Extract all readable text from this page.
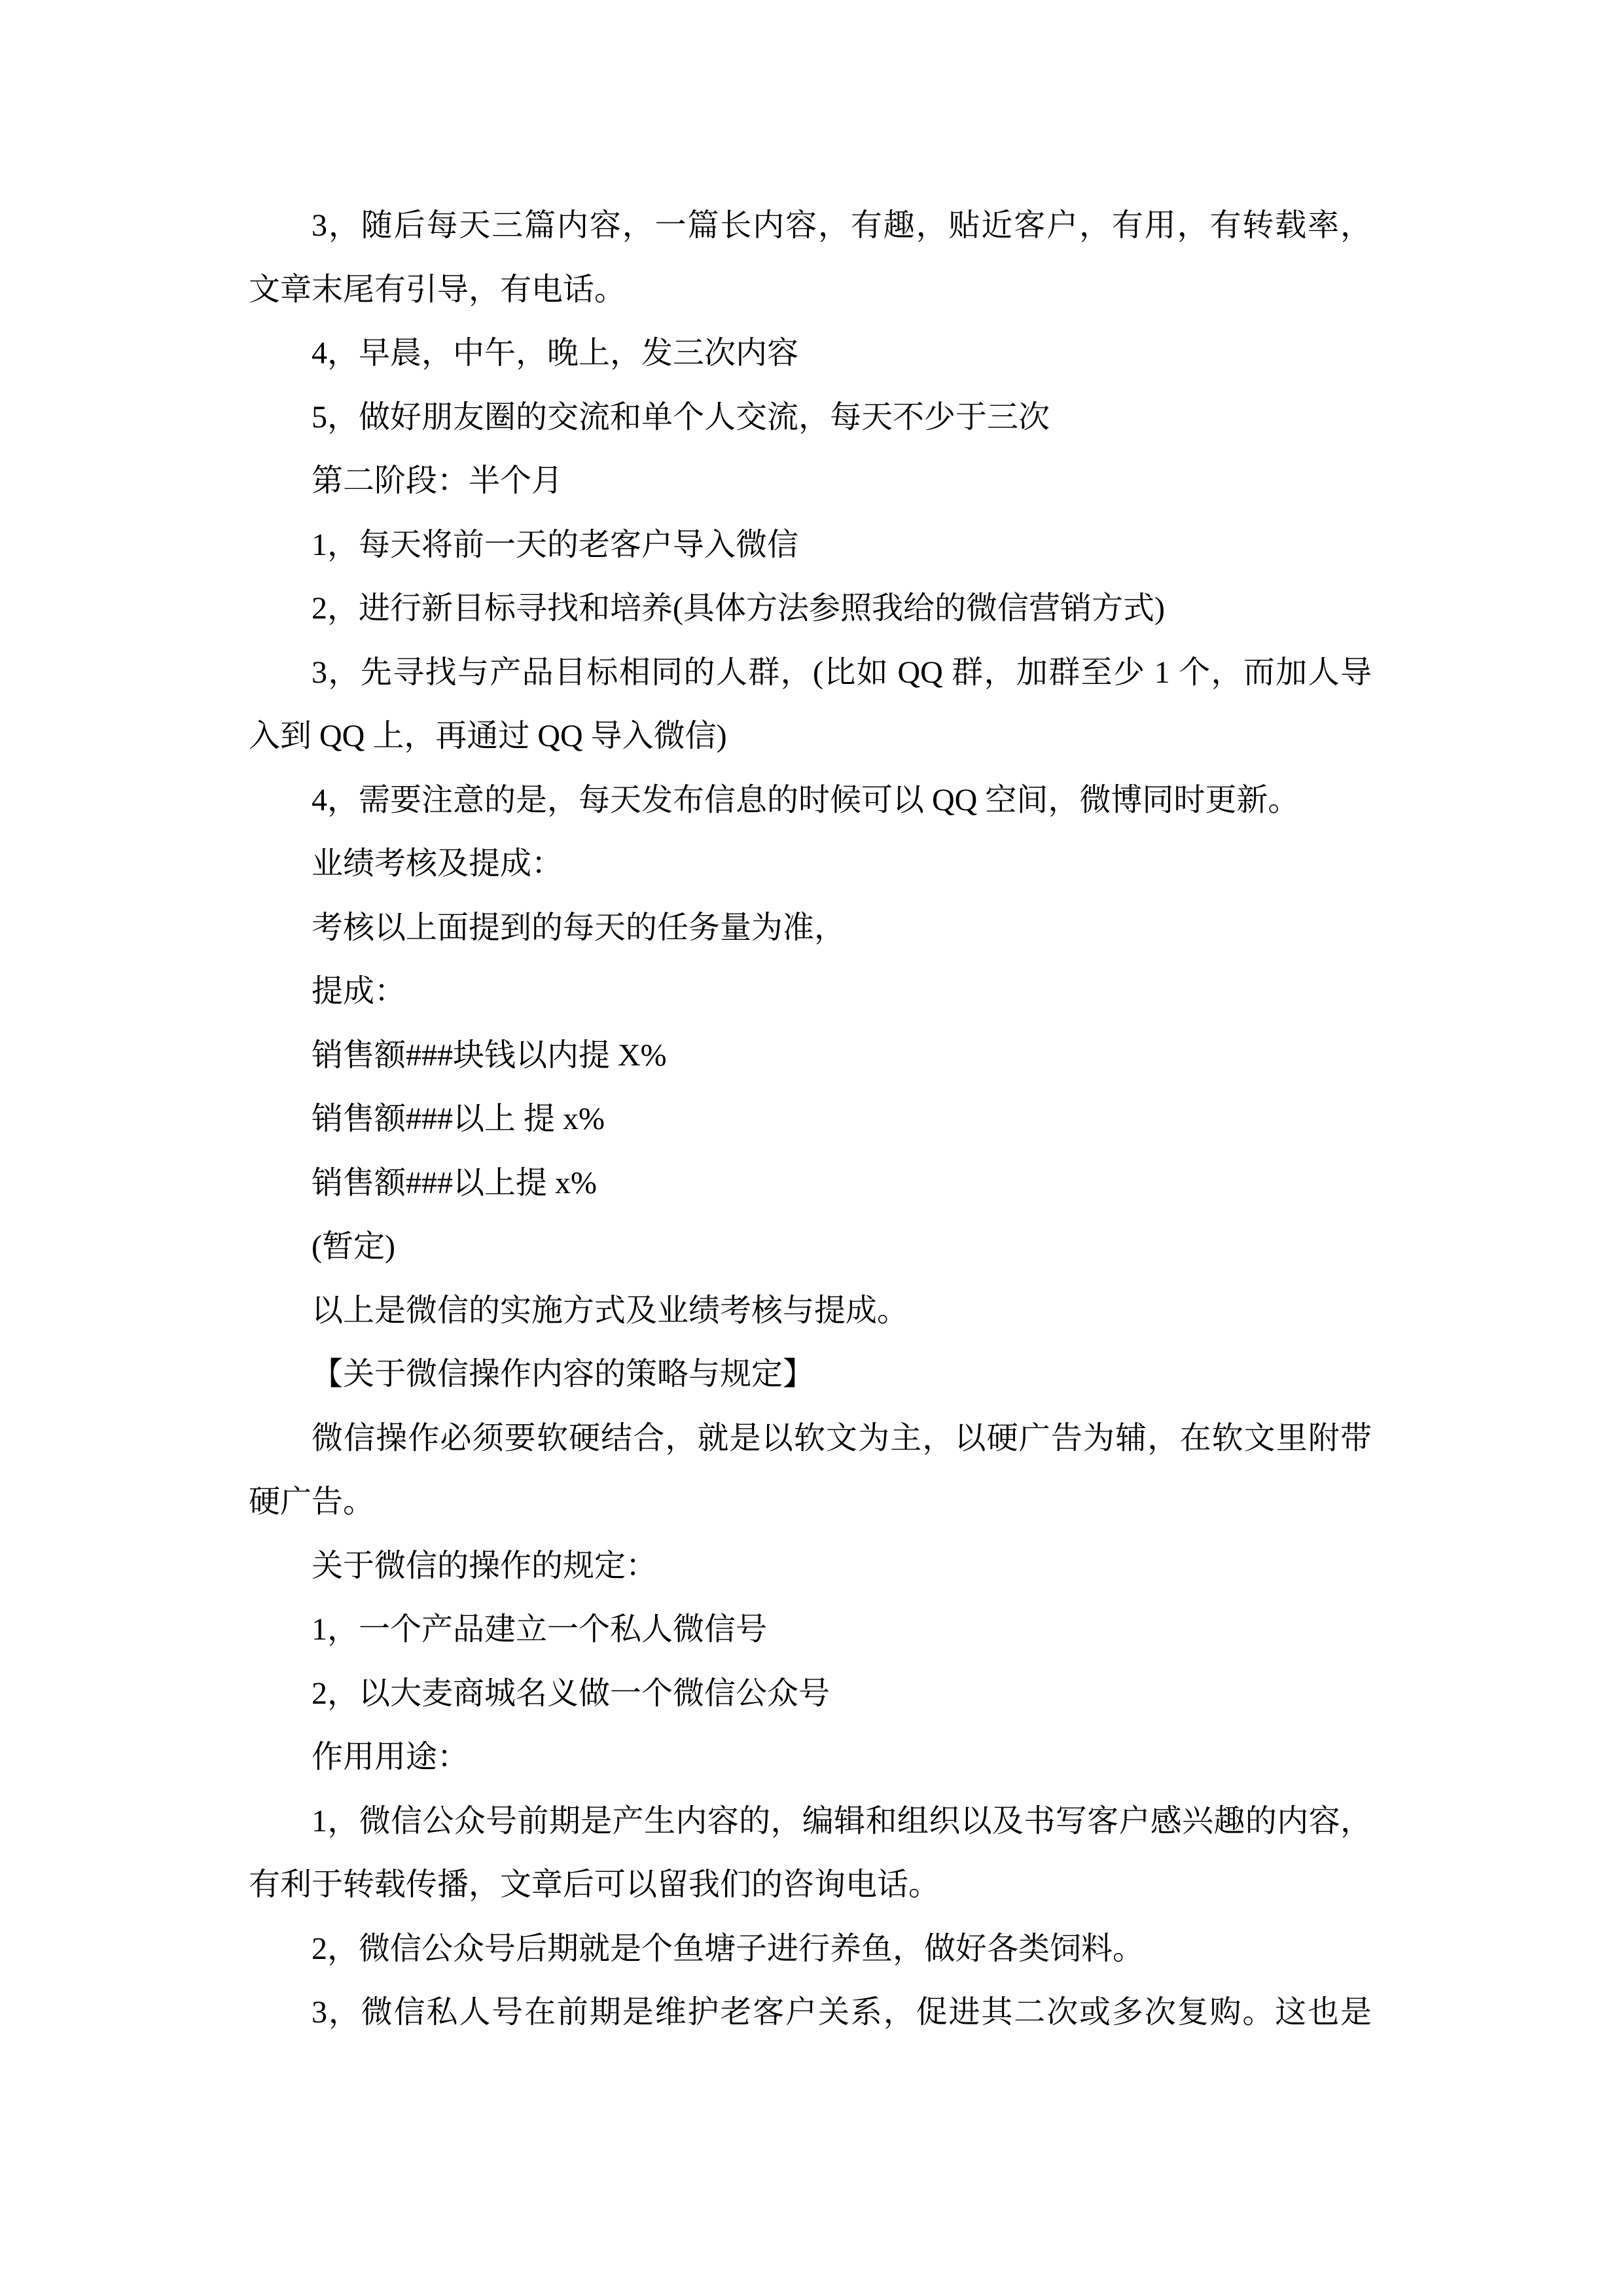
3，随后每天三篇内容，一篇长内容，有趣，贴近客户，有用，有转载率，
文章末尾有引导，有电话。
4，早晨，中午，晚上，发三次内容
5，做好朋友圈的交流和单个人交流，每天不少于三次
第二阶段：半个月
1，每天将前一天的老客户导入微信
2，进行新目标寻找和培养(具体方法参照我给的微信营销方式)
3，先寻找与产品目标相同的人群，(比如 QQ 群，加群至少 1 个，而加人导
入到 QQ 上，再通过 QQ 导入微信)
4，需要注意的是，每天发布信息的时候可以 QQ 空间，微博同时更新。
业绩考核及提成：
考核以上面提到的每天的任务量为准，
提成：
销售额###块钱以内提 X%
销售额###以上 提 x%
销售额###以上提 x%
(暂定)
以上是微信的实施方式及业绩考核与提成。
【关于微信操作内容的策略与规定】
微信操作必须要软硬结合，就是以软文为主，以硬广告为辅，在软文里附带
硬广告。
关于微信的操作的规定：
1，一个产品建立一个私人微信号
2，以大麦商城名义做一个微信公众号
作用用途：
1，微信公众号前期是产生内容的，编辑和组织以及书写客户感兴趣的内容，
有利于转载传播，文章后可以留我们的咨询电话。
2，微信公众号后期就是个鱼塘子进行养鱼，做好各类饲料。
3，微信私人号在前期是维护老客户关系，促进其二次或多次复购。这也是
